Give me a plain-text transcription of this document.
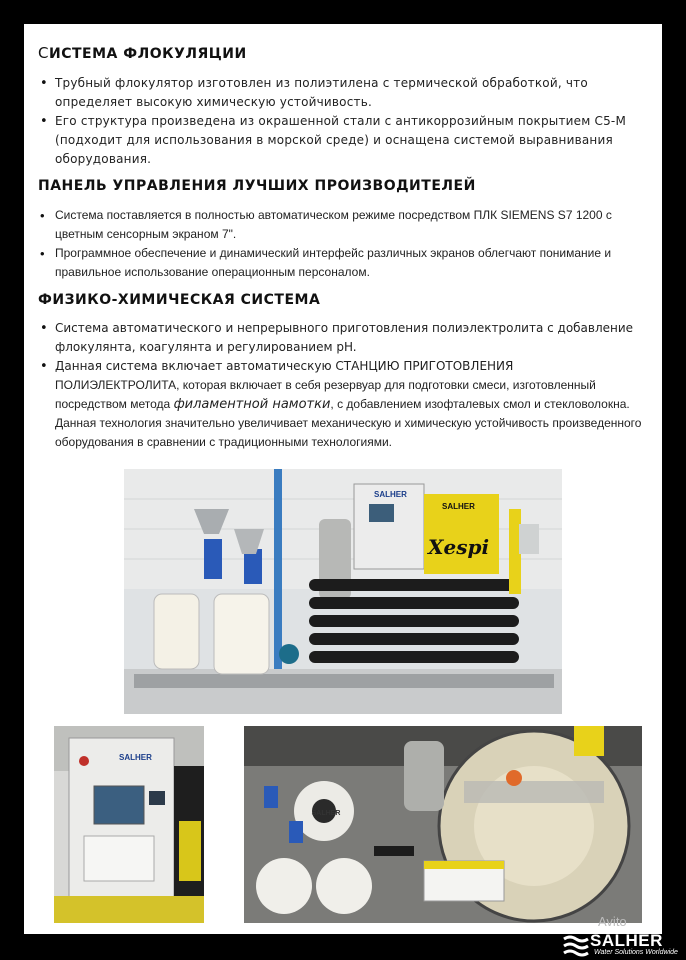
СИСТЕМА ФЛОКУЛЯЦИИ
• Трубный флокулятор изготовлен из полиэтилена с термической обработкой, что определяет высокую химическую устойчивость.
• Его структура произведена из окрашенной стали с антикоррозийным покрытием C5-M (подходит для использования в морской среде) и оснащена системой выравнивания оборудования.
ПАНЕЛЬ УПРАВЛЕНИЯ ЛУЧШИХ ПРОИЗВОДИТЕЛЕЙ
• Система поставляется в полностью автоматическом режиме посредством ПЛК SIEMENS S7 1200 с цветным сенсорным экраном 7".
• Программное обеспечение и динамический интерфейс различных экранов облегчают понимание и правильное использование операционным персоналом.
ФИЗИКО-ХИМИЧЕСКАЯ СИСТЕМА
• Система автоматического и непрерывного приготовления полиэлектролита с добавление флокулянта, коагулянта и регулированием pH.
• Данная система включает автоматическую СТАНЦИЮ ПРИГОТОВЛЕНИЯ
ПОЛИЭЛЕКТРОЛИТА, которая включает в себя резервуар для подготовки смеси, изготовленный посредством метода филаментной намотки, с добавлением изофталевых смол и стекловолокна. Данная технология значительно увеличивает механическую и химическую устойчивость произведенного оборудования в сравнении с традиционными технологиями.
Xespi
SALHER
SALHER
SALHER
SALHER
Avito
SALHER
Water Solutions Worldwide
